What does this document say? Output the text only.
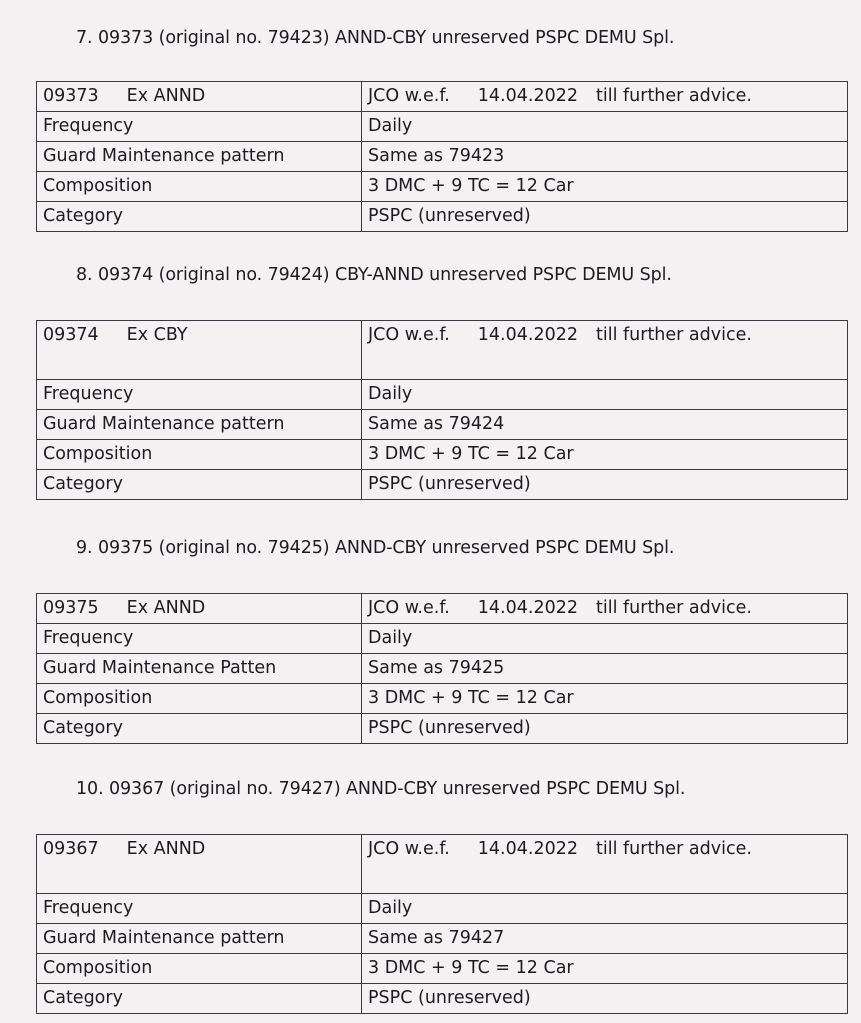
7. 09373 (original no. 79423) ANND-CBY unreserved PSPC DEMU Spl.
09373 Ex ANND	JCO w.e.f. 14.04.2022 till further advice.
Frequency	Daily
Guard Maintenance pattern	Same as 79423
Composition	3 DMC + 9 TC = 12 Car
Category	PSPC (unreserved)
8. 09374 (original no. 79424) CBY-ANND unreserved PSPC DEMU Spl.
09374 Ex CBY	JCO w.e.f. 14.04.2022 till further advice.
Frequency	Daily
Guard Maintenance pattern	Same as 79424
Composition	3 DMC + 9 TC = 12 Car
Category	PSPC (unreserved)
9. 09375 (original no. 79425) ANND-CBY unreserved PSPC DEMU Spl.
09375 Ex ANND	JCO w.e.f. 14.04.2022 till further advice.
Frequency	Daily
Guard Maintenance Patten	Same as 79425
Composition	3 DMC + 9 TC = 12 Car
Category	PSPC (unreserved)
10. 09367 (original no. 79427) ANND-CBY unreserved PSPC DEMU Spl.
09367 Ex ANND	JCO w.e.f. 14.04.2022 till further advice.
Frequency	Daily
Guard Maintenance pattern	Same as 79427
Composition	3 DMC + 9 TC = 12 Car
Category	PSPC (unreserved)
